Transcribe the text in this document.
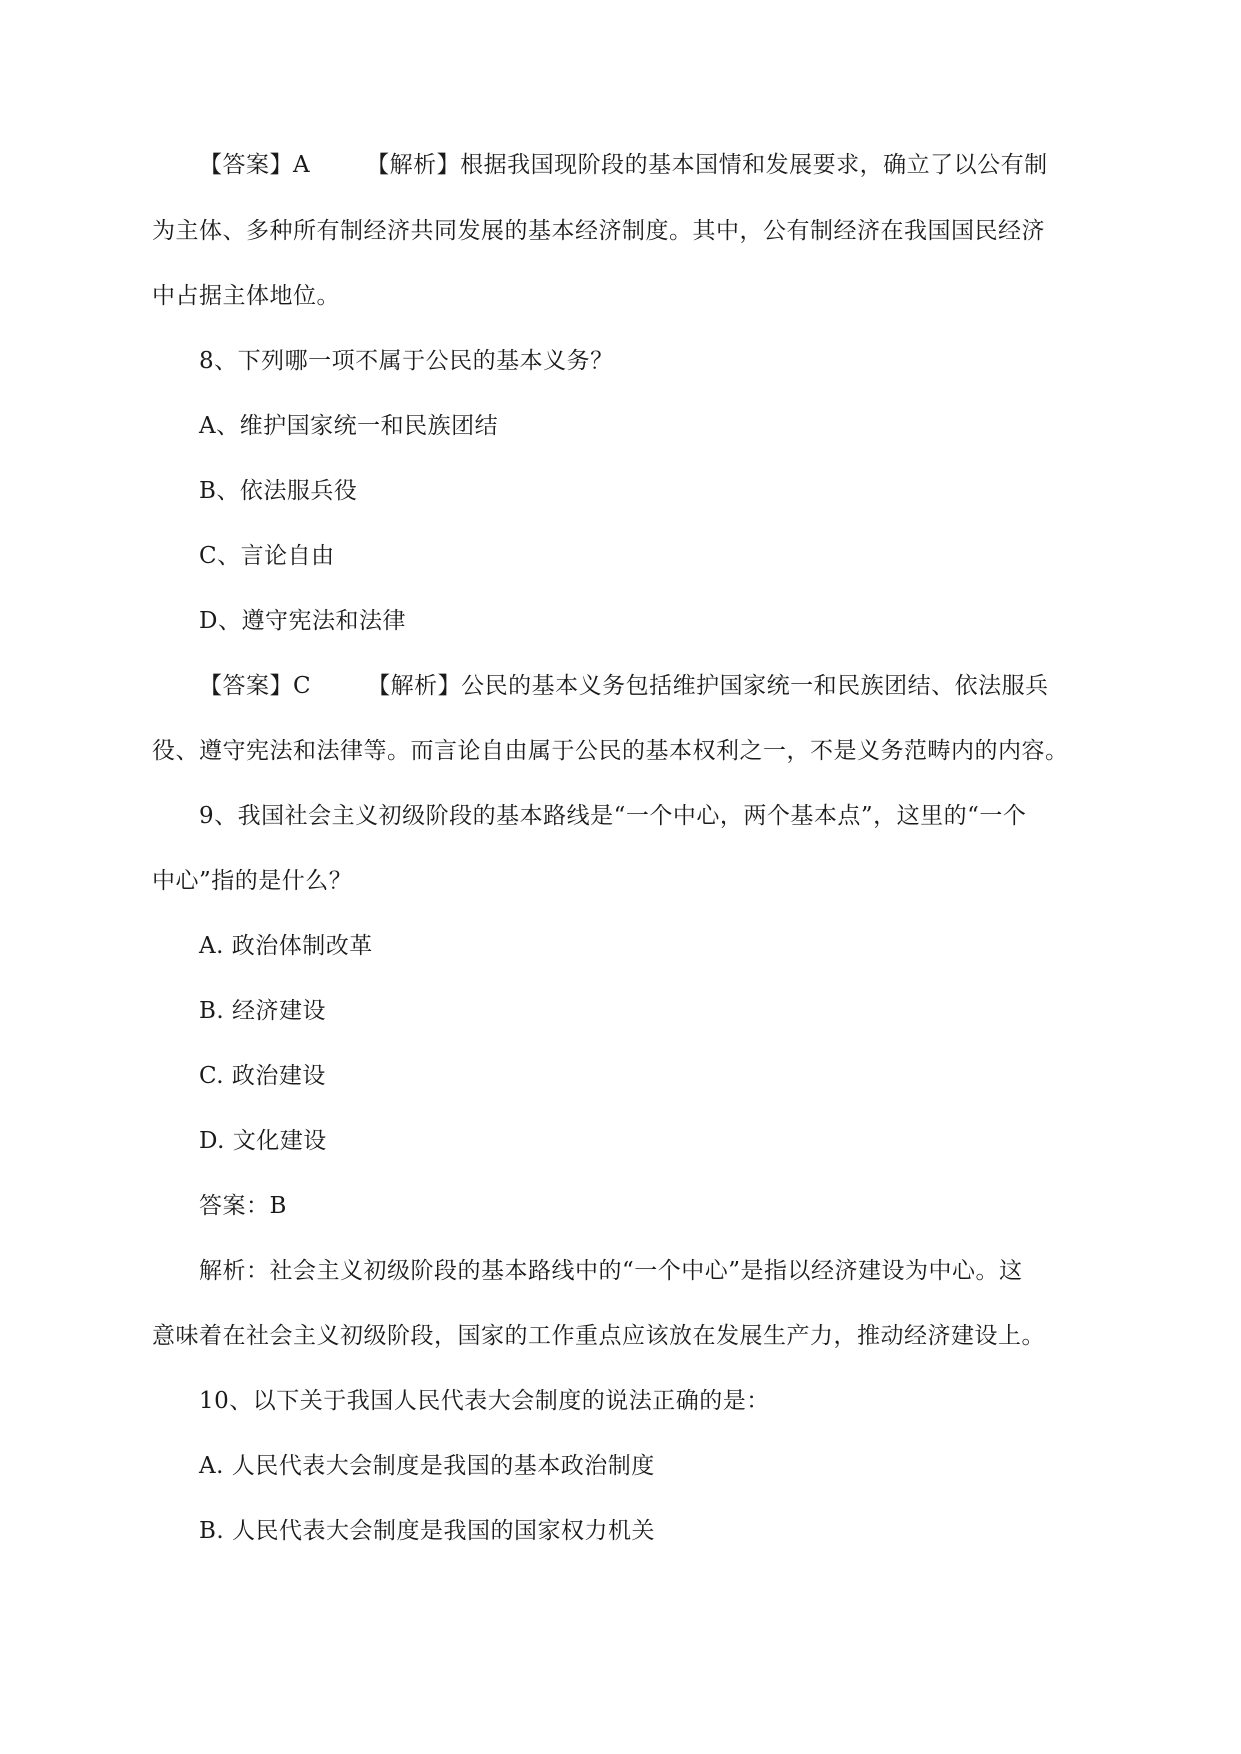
【答案】A 【解析】根据我国现阶段的基本国情和发展要求，确立了以公有制
为主体、多种所有制经济共同发展的基本经济制度。其中，公有制经济在我国国民经济
中占据主体地位。
8、下列哪一项不属于公民的基本义务？
A、维护国家统一和民族团结
B、依法服兵役
C、言论自由
D、遵守宪法和法律
【答案】C 【解析】公民的基本义务包括维护国家统一和民族团结、依法服兵
役、遵守宪法和法律等。而言论自由属于公民的基本权利之一，不是义务范畴内的内容。
9、我国社会主义初级阶段的基本路线是“一个中心，两个基本点”，这里的“一个
中心”指的是什么？
A. 政治体制改革
B. 经济建设
C. 政治建设
D. 文化建设
答案：B
解析：社会主义初级阶段的基本路线中的“一个中心”是指以经济建设为中心。这
意味着在社会主义初级阶段，国家的工作重点应该放在发展生产力，推动经济建设上。
10、以下关于我国人民代表大会制度的说法正确的是：
A. 人民代表大会制度是我国的基本政治制度
B. 人民代表大会制度是我国的国家权力机关
